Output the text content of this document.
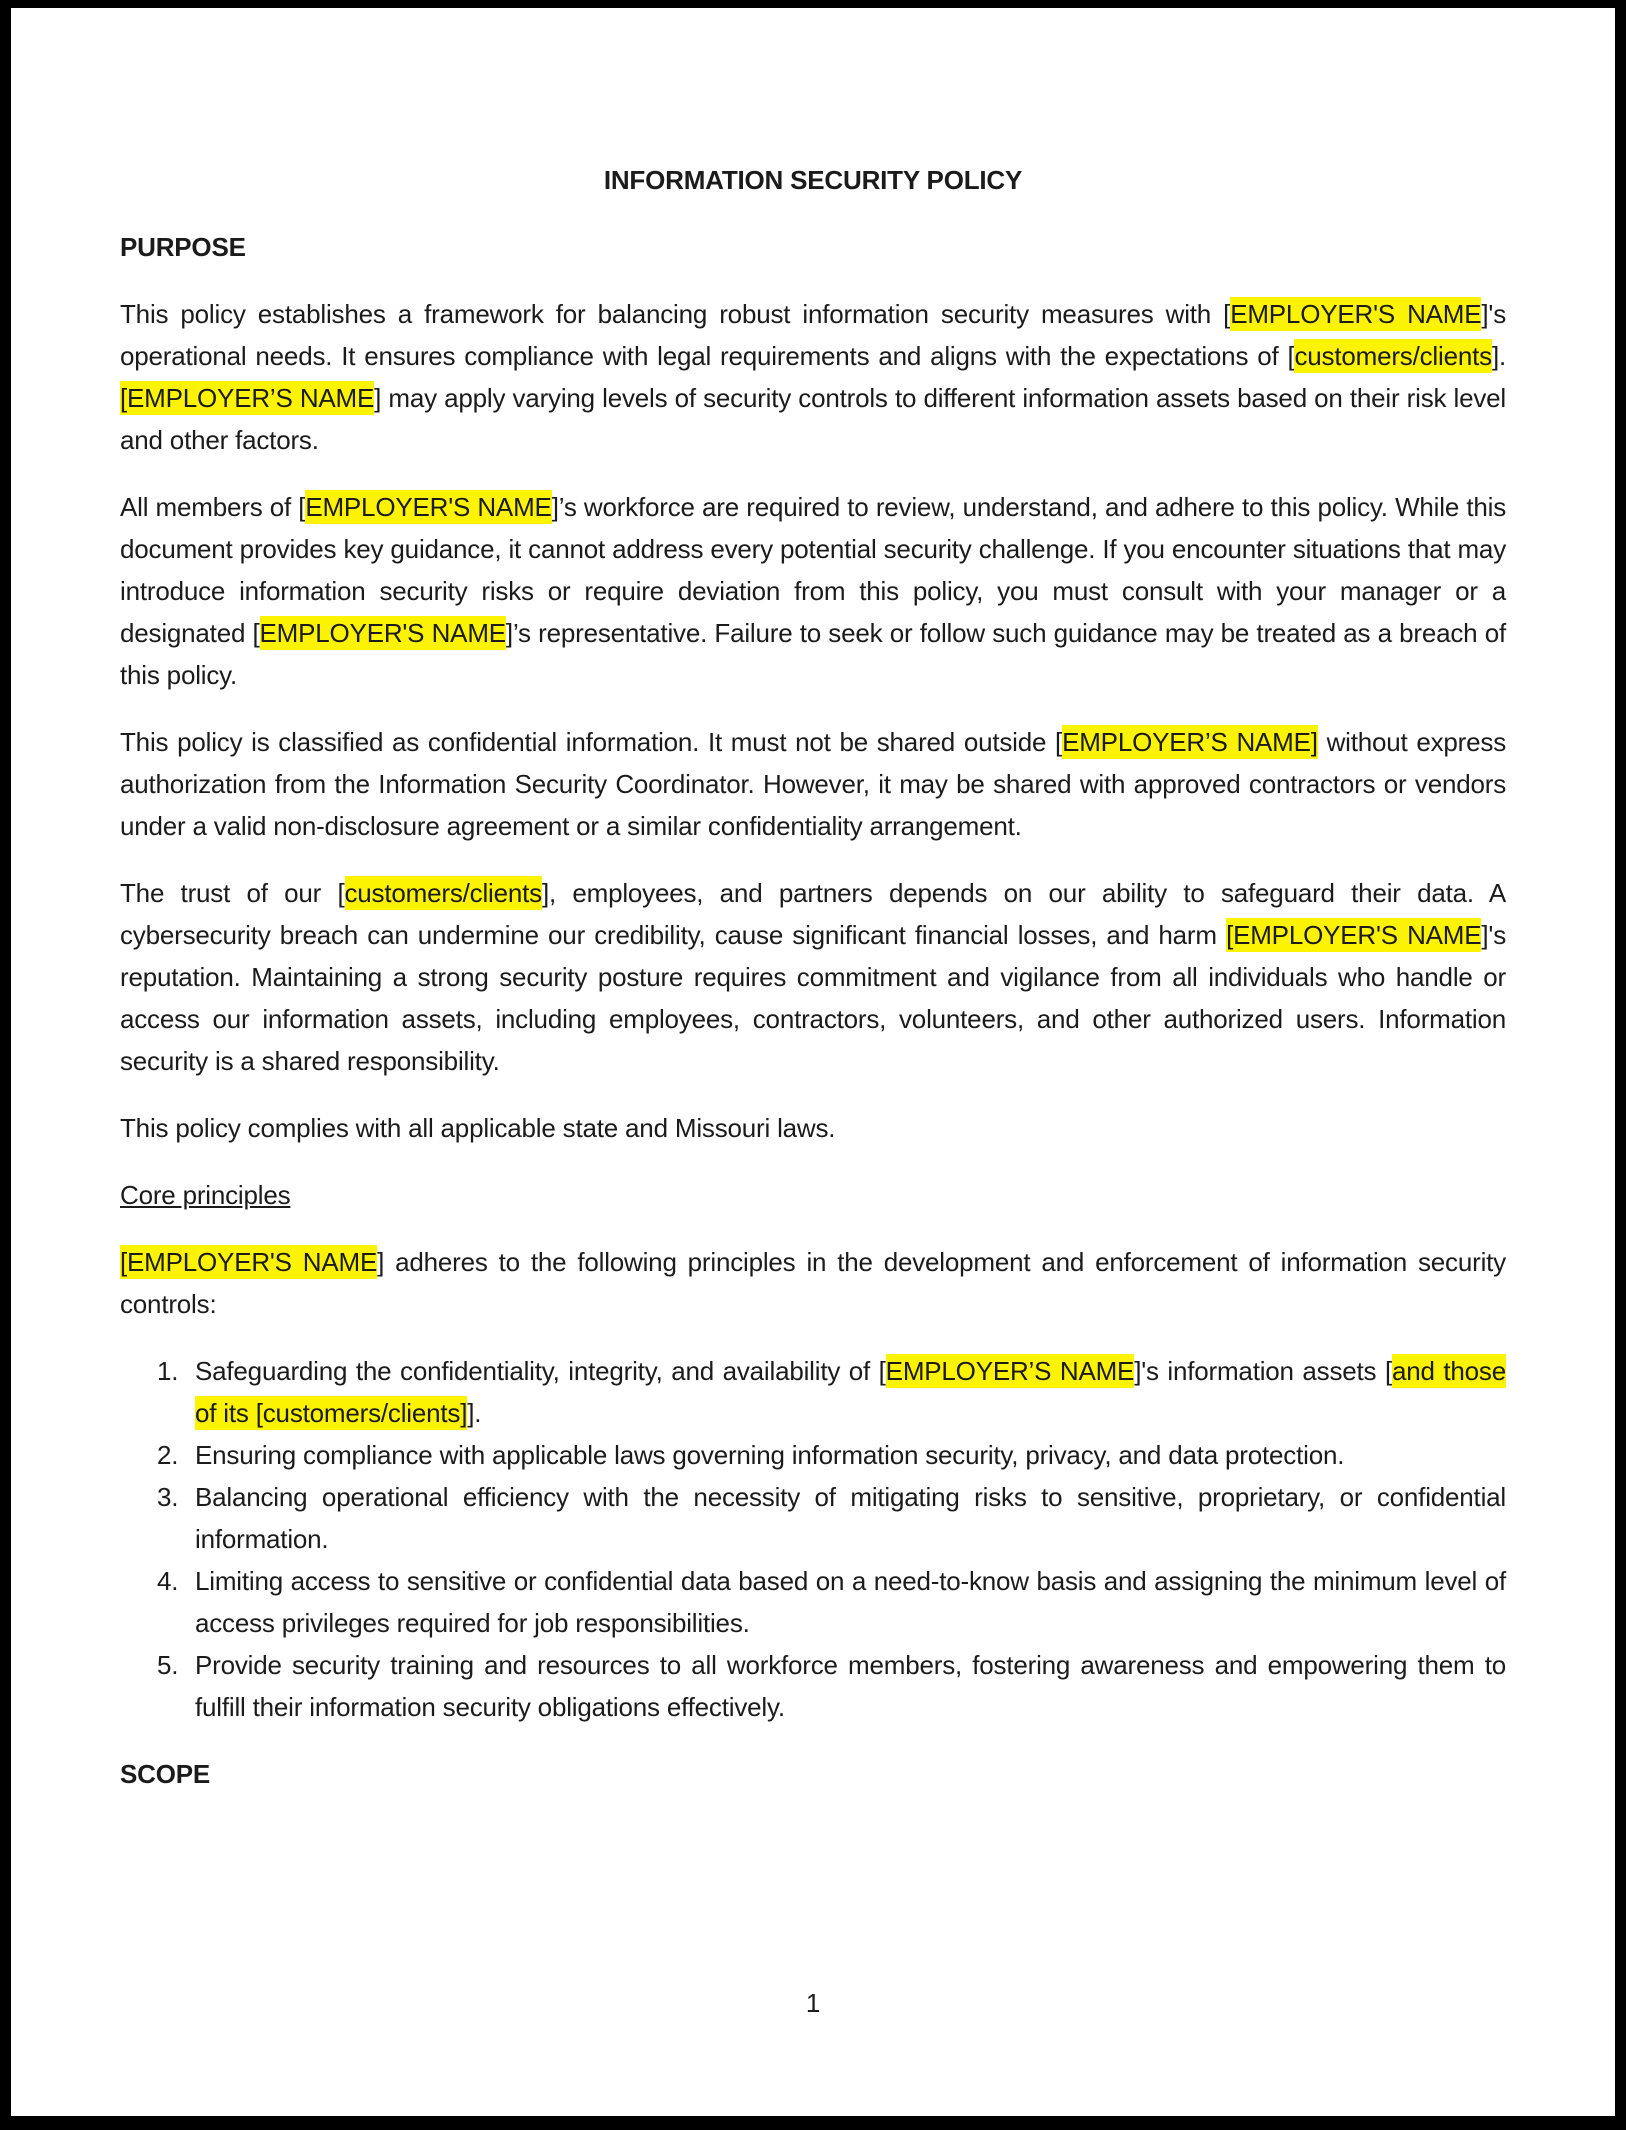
INFORMATION SECURITY POLICY
PURPOSE

This policy establishes a framework for balancing robust information security measures with [EMPLOYER'S NAME]'s operational needs. It ensures compliance with legal requirements and aligns with the expectations of [customers/clients]. [EMPLOYER’S NAME] may apply varying levels of security controls to different information assets based on their risk level and other factors.

All members of [EMPLOYER'S NAME]’s workforce are required to review, understand, and adhere to this policy. While this document provides key guidance, it cannot address every potential security challenge. If you encounter situations that may introduce information security risks or require deviation from this policy, you must consult with your manager or a designated [EMPLOYER'S NAME]’s representative. Failure to seek or follow such guidance may be treated as a breach of this policy.

This policy is classified as confidential information. It must not be shared outside [EMPLOYER’S NAME] without express authorization from the Information Security Coordinator. However, it may be shared with approved contractors or vendors under a valid non-disclosure agreement or a similar confidentiality arrangement.

The trust of our [customers/clients], employees, and partners depends on our ability to safeguard their data. A cybersecurity breach can undermine our credibility, cause significant financial losses, and harm [EMPLOYER'S NAME]'s reputation. Maintaining a strong security posture requires commitment and vigilance from all individuals who handle or access our information assets, including employees, contractors, volunteers, and other authorized users. Information security is a shared responsibility.

This policy complies with all applicable state and Missouri laws.

Core principles

[EMPLOYER'S NAME] adheres to the following principles in the development and enforcement of information security controls:

1. Safeguarding the confidentiality, integrity, and availability of [EMPLOYER’S NAME]'s information assets [and those of its [customers/clients]].
2. Ensuring compliance with applicable laws governing information security, privacy, and data protection.
3. Balancing operational efficiency with the necessity of mitigating risks to sensitive, proprietary, or confidential information.
4. Limiting access to sensitive or confidential data based on a need-to-know basis and assigning the minimum level of access privileges required for job responsibilities.
5. Provide security training and resources to all workforce members, fostering awareness and empowering them to fulfill their information security obligations effectively.
SCOPE
1
